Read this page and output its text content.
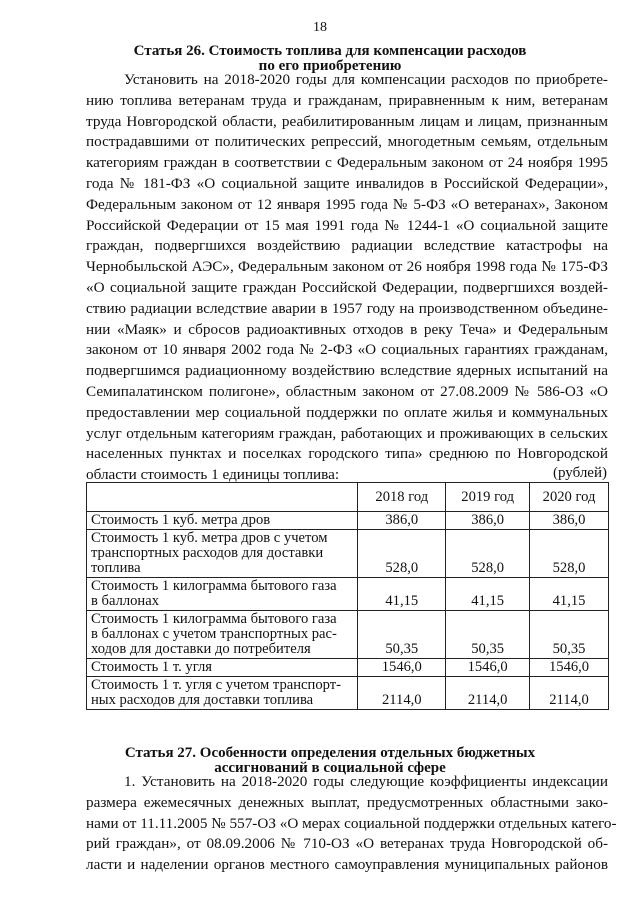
18
Статья 26. Стоимость топлива для компенсации расходов
по его приобретению
Установить на 2018-2020 годы для компенсации расходов по приобрете-
нию топлива ветеранам труда и гражданам, приравненным к ним, ветеранам
труда Новгородской области, реабилитированным лицам и лицам, признанным
пострадавшими от политических репрессий, многодетным семьям, отдельным
категориям граждан в соответствии с Федеральным законом от 24 ноября 1995
года № 181-ФЗ «О социальной защите инвалидов в Российской Федерации»,
Федеральным законом от 12 января 1995 года № 5-ФЗ «О ветеранах», Законом
Российской Федерации от 15 мая 1991 года № 1244-1 «О социальной защите
граждан, подвергшихся воздействию радиации вследствие катастрофы на
Чернобыльской АЭС», Федеральным законом от 26 ноября 1998 года № 175-ФЗ
«О социальной защите граждан Российской Федерации, подвергшихся воздей-
ствию радиации вследствие аварии в 1957 году на производственном объедине-
нии «Маяк» и сбросов радиоактивных отходов в реку Теча» и Федеральным
законом от 10 января 2002 года № 2-ФЗ «О социальных гарантиях гражданам,
подвергшимся радиационному воздействию вследствие ядерных испытаний на
Семипалатинском полигоне», областным законом от 27.08.2009 № 586-ОЗ «О
предоставлении мер социальной поддержки по оплате жилья и коммунальных
услуг отдельным категориям граждан, работающих и проживающих в сельских
населенных пунктах и поселках городского типа» среднюю по Новгородской
области стоимость 1 единицы топлива:	(рублей)
	2018 год	2019 год	2020 год

Стоимость 1 куб. метра дров	386,0	386,0	386,0

Стоимость 1 куб. метра дров с учетом
транспортных расходов для доставки
топлива	528,0	528,0	528,0

Стоимость 1 килограмма бытового газа
в баллонах	41,15	41,15	41,15

Стоимость 1 килограмма бытового газа
в баллонах с учетом транспортных рас-
ходов для доставки до потребителя	50,35	50,35	50,35

Стоимость 1 т. угля	1546,0	1546,0	1546,0

Стоимость 1 т. угля с учетом транспорт-
ных расходов для доставки топлива	2114,0	2114,0	2114,0
Статья 27. Особенности определения отдельных бюджетных
ассигнований в социальной сфере
1. Установить на 2018-2020 годы следующие коэффициенты индексации
размера ежемесячных денежных выплат, предусмотренных областными зако-
нами от 11.11.2005 № 557-ОЗ «О мерах социальной поддержки отдельных катего-
рий граждан», от 08.09.2006 № 710-ОЗ «О ветеранах труда Новгородской об-
ласти и наделении органов местного самоуправления муниципальных районов
